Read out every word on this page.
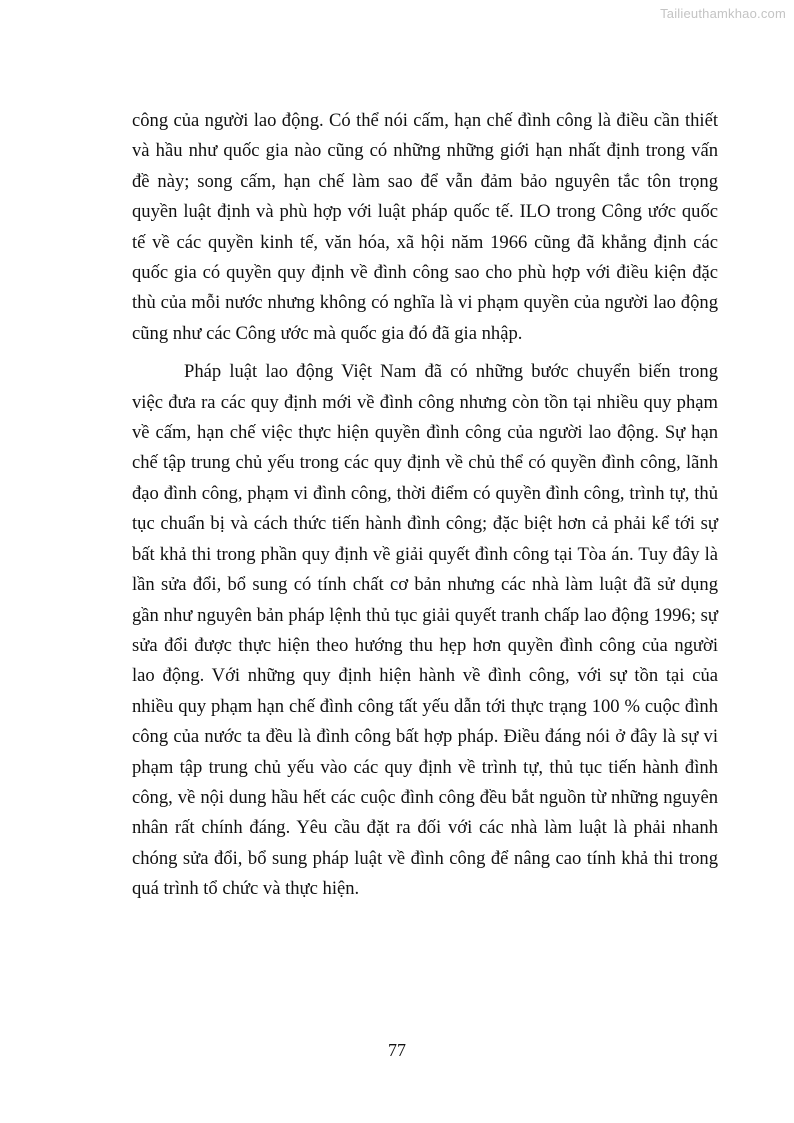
Tailieuthamkhao.com
công của người lao động. Có thể nói cấm, hạn chế đình công là điều cần thiết
và hầu như quốc gia nào cũng có những những giới hạn nhất định trong vấn
đề này; song cấm, hạn chế làm sao để vẫn đảm bảo nguyên tắc tôn trọng
quyền luật định và phù hợp với luật pháp quốc tế. ILO trong Công ước quốc
tế về các quyền kinh tế, văn hóa, xã hội năm 1966 cũng đã khẳng định các
quốc gia có quyền quy định về đình công sao cho phù hợp với điều kiện đặc
thù của mỗi nước nhưng không có nghĩa là vi phạm quyền của người lao động
cũng như các Công ước mà quốc gia đó đã gia nhập.
Pháp luật lao động Việt Nam đã có những bước chuyển biến trong
việc đưa ra các quy định mới về đình công nhưng còn tồn tại nhiều quy phạm
về cấm, hạn chế việc thực hiện quyền đình công của người lao động. Sự hạn
chế tập trung chủ yếu trong các quy định về chủ thể có quyền đình công, lãnh
đạo đình công, phạm vi đình công, thời điểm có quyền đình công, trình tự, thủ
tục chuẩn bị và cách thức tiến hành đình công; đặc biệt hơn cả phải kể tới sự
bất khả thi trong phần quy định về giải quyết đình công tại Tòa án. Tuy đây là
lần sửa đổi, bổ sung có tính chất cơ bản nhưng các nhà làm luật đã sử dụng
gần như nguyên bản pháp lệnh thủ tục giải quyết tranh chấp lao động 1996; sự
sửa đổi được thực hiện theo hướng thu hẹp hơn quyền đình công của người
lao động. Với những quy định hiện hành về đình công, với sự tồn tại của
nhiều quy phạm hạn chế đình công tất yếu dẫn tới thực trạng 100 % cuộc đình
công của nước ta đều là đình công bất hợp pháp. Điều đáng nói ở đây là sự vi
phạm tập trung chủ yếu vào các quy định về trình tự, thủ tục tiến hành đình
công, về nội dung hầu hết các cuộc đình công đều bắt nguồn từ những nguyên
nhân rất chính đáng. Yêu cầu đặt ra đối với các nhà làm luật là phải nhanh
chóng sửa đổi, bổ sung pháp luật về đình công để nâng cao tính khả thi trong
quá trình tổ chức và thực hiện.
77
